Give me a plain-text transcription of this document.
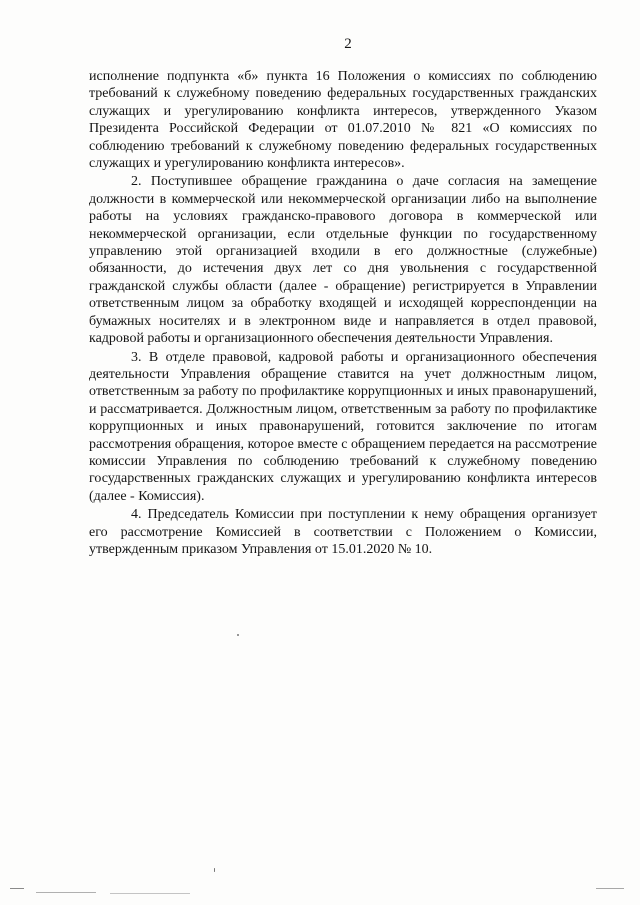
2

исполнение подпункта «б» пункта 16 Положения о комиссиях по соблюдению требований к служебному поведению федеральных государственных гражданских служащих и урегулированию конфликта интересов, утвержденного Указом Президента Российской Федерации от 01.07.2010 № 821 «О комиссиях по соблюдению требований к служебному поведению федеральных государственных служащих и урегулированию конфликта интересов».

2. Поступившее обращение гражданина о даче согласия на замещение должности в коммерческой или некоммерческой организации либо на выполнение работы на условиях гражданско-правового договора в коммерческой или некоммерческой организации, если отдельные функции по государственному управлению этой организацией входили в его должностные (служебные) обязанности, до истечения двух лет со дня увольнения с государственной гражданской службы области (далее - обращение) регистрируется в Управлении ответственным лицом за обработку входящей и исходящей корреспонденции на бумажных носителях и в электронном виде и направляется в отдел правовой, кадровой работы и организационного обеспечения деятельности Управления.

3. В отделе правовой, кадровой работы и организационного обеспечения деятельности Управления обращение ставится на учет должностным лицом, ответственным за работу по профилактике коррупционных и иных правонарушений, и рассматривается. Должностным лицом, ответственным за работу по профилактике коррупционных и иных правонарушений, готовится заключение по итогам рассмотрения обращения, которое вместе с обращением передается на рассмотрение комиссии Управления по соблюдению требований к служебному поведению государственных гражданских служащих и урегулированию конфликта интересов (далее - Комиссия).

4. Председатель Комиссии при поступлении к нему обращения организует его рассмотрение Комиссией в соответствии с Положением о Комиссии, утвержденным приказом Управления от 15.01.2020 № 10.
